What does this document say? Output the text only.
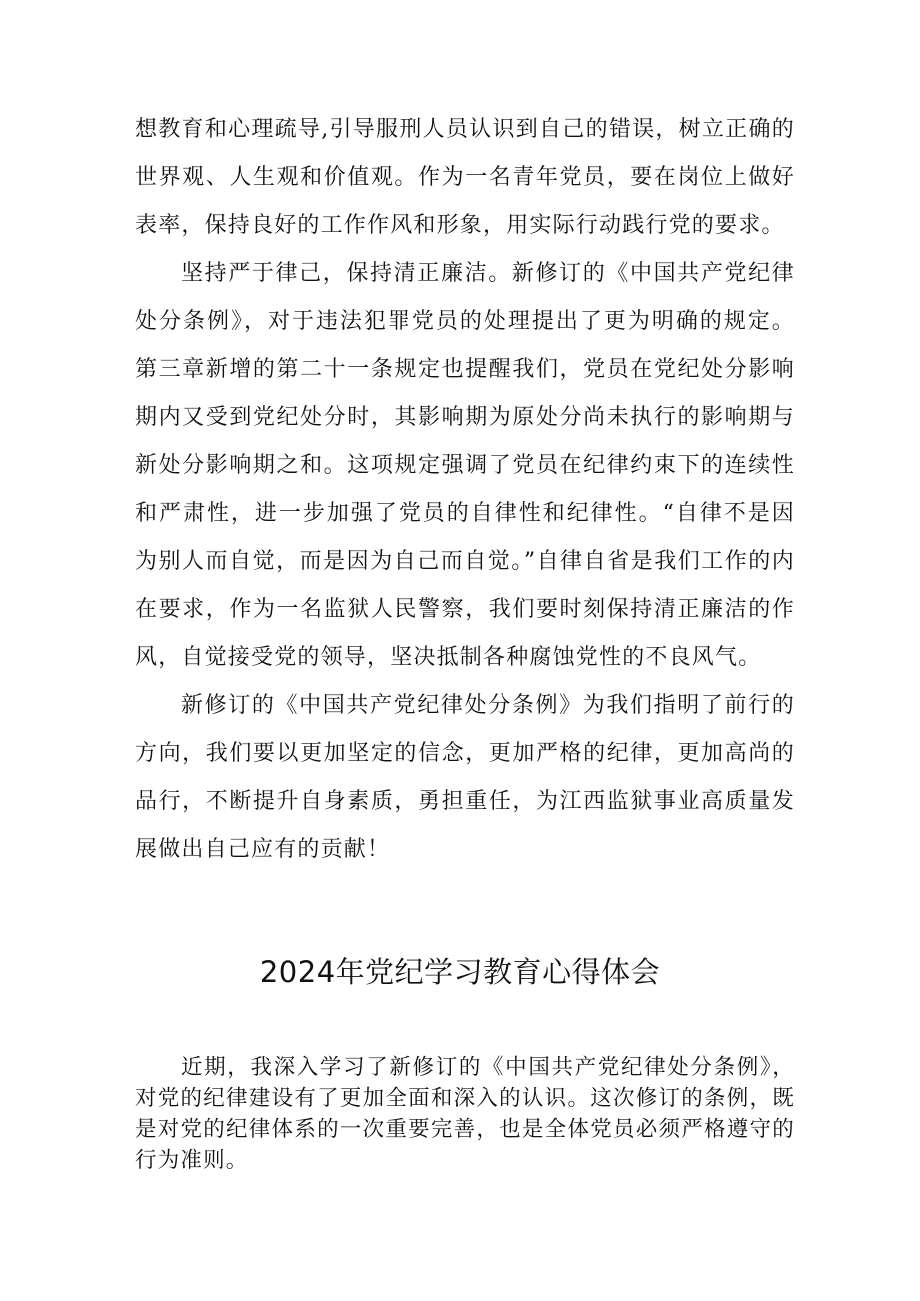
想教育和心理疏导,引导服刑人员认识到自己的错误，树立正确的世界观、人生观和价值观。作为一名青年党员，要在岗位上做好表率，保持良好的工作作风和形象，用实际行动践行党的要求。

坚持严于律己，保持清正廉洁。新修订的《中国共产党纪律处分条例》，对于违法犯罪党员的处理提出了更为明确的规定。第三章新增的第二十一条规定也提醒我们，党员在党纪处分影响期内又受到党纪处分时，其影响期为原处分尚未执行的影响期与新处分影响期之和。这项规定强调了党员在纪律约束下的连续性和严肃性，进一步加强了党员的自律性和纪律性。“自律不是因为别人而自觉，而是因为自己而自觉。”自律自省是我们工作的内在要求，作为一名监狱人民警察，我们要时刻保持清正廉洁的作风，自觉接受党的领导，坚决抵制各种腐蚀党性的不良风气。

新修订的《中国共产党纪律处分条例》为我们指明了前行的方向，我们要以更加坚定的信念，更加严格的纪律，更加高尚的品行，不断提升自身素质，勇担重任，为江西监狱事业高质量发展做出自己应有的贡献！

2024年党纪学习教育心得体会

近期，我深入学习了新修订的《中国共产党纪律处分条例》，对党的纪律建设有了更加全面和深入的认识。这次修订的条例，既是对党的纪律体系的一次重要完善，也是全体党员必须严格遵守的行为准则。
